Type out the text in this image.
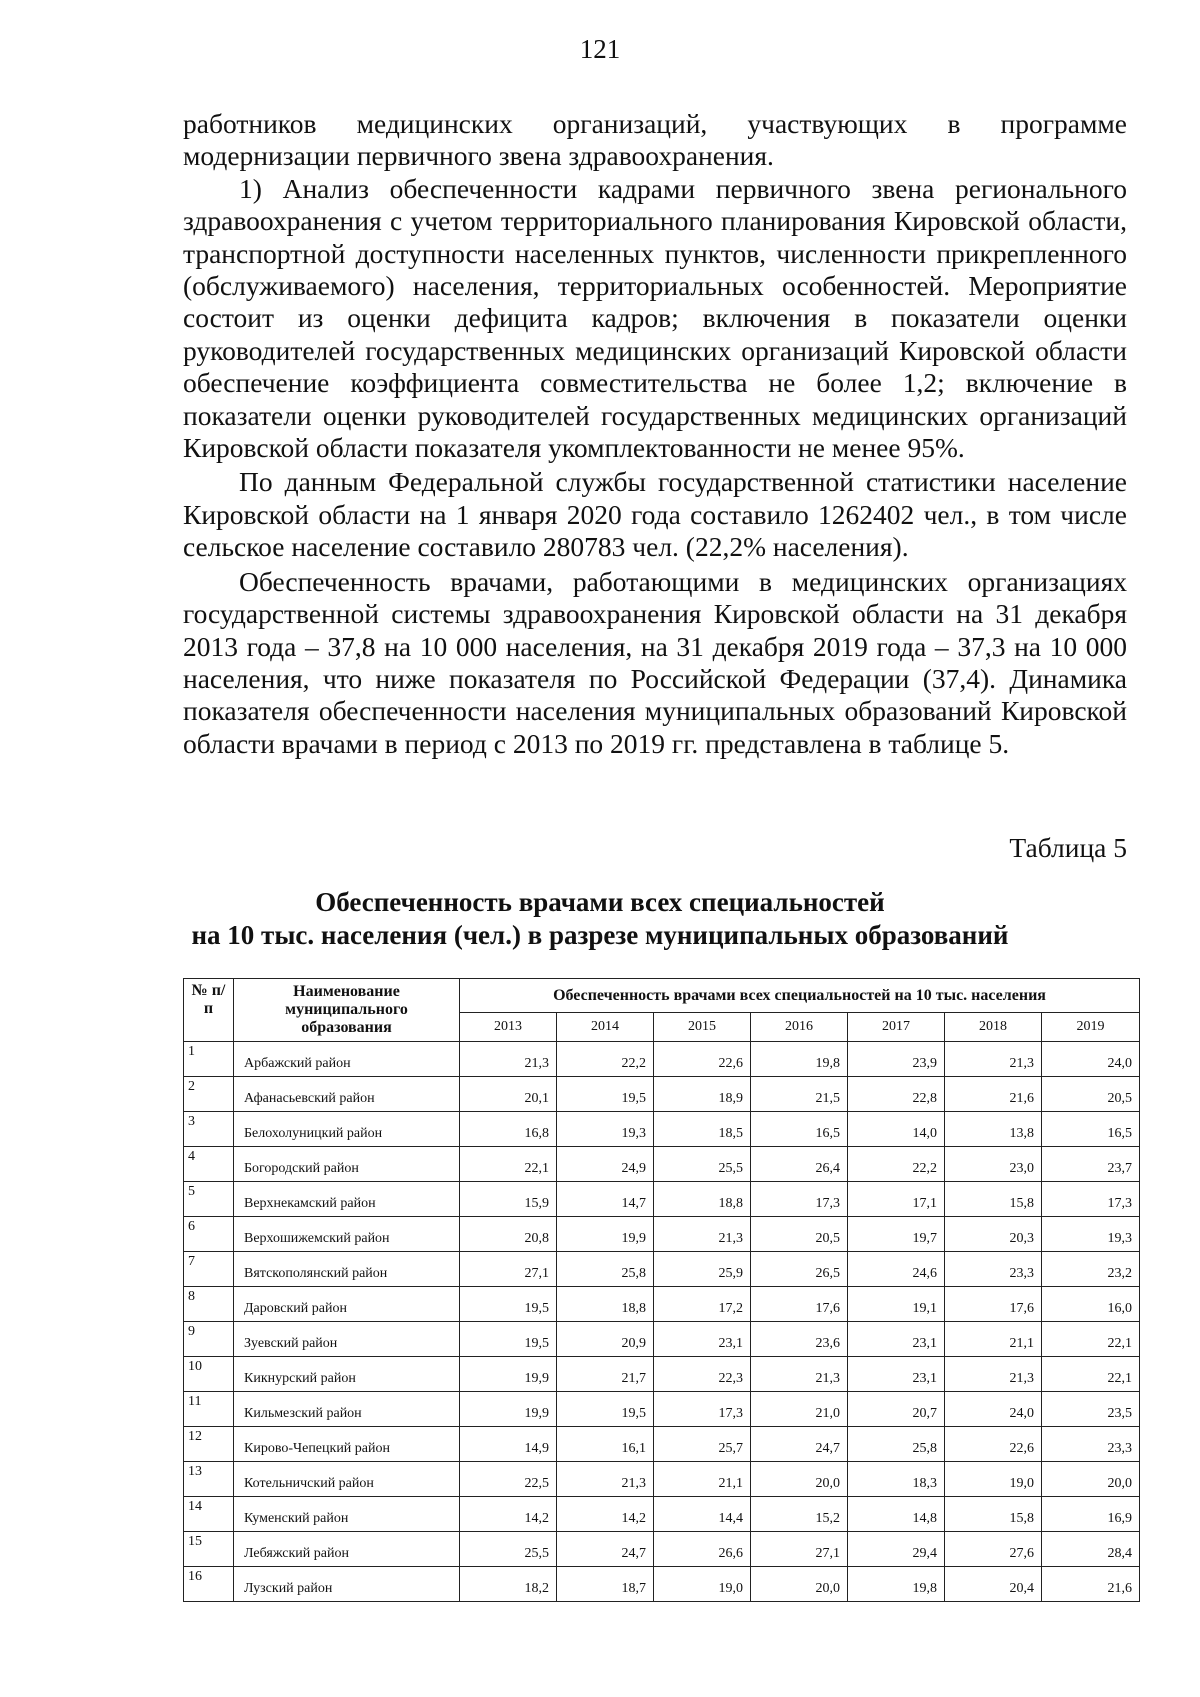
121

работников медицинских организаций, участвующих в программе модернизации первичного звена здравоохранения.

1) Анализ обеспеченности кадрами первичного звена регионального здравоохранения с учетом территориального планирования Кировской области, транспортной доступности населенных пунктов, численности прикрепленного (обслуживаемого) населения, территориальных особенностей. Мероприятие состоит из оценки дефицита кадров; включения в показатели оценки руководителей государственных медицинских организаций Кировской области обеспечение коэффициента совместительства не более 1,2; включение в показатели оценки руководителей государственных медицинских организаций Кировской области показателя укомплектованности не менее 95%.

По данным Федеральной службы государственной статистики население Кировской области на 1 января 2020 года составило 1262402 чел., в том числе сельское население составило 280783 чел. (22,2% населения).

Обеспеченность врачами, работающими в медицинских организациях государственной системы здравоохранения Кировской области на 31 декабря 2013 года – 37,8 на 10 000 населения, на 31 декабря 2019 года – 37,3 на 10 000 населения, что ниже показателя по Российской Федерации (37,4). Динамика показателя обеспеченности населения муниципальных образований Кировской области врачами в период с 2013 по 2019 гг. представлена в таблице 5.

Таблица 5
Обеспеченность врачами всех специальностей
на 10 тыс. населения (чел.) в разрезе муниципальных образований
№ п/п	Наименование муниципального образования	Обеспеченность врачами всех специальностей на 10 тыс. населения						
		2013	2014	2015	2016	2017	2018	2019
1	Арбажский район	21,3	22,2	22,6	19,8	23,9	21,3	24,0
2	Афанасьевский район	20,1	19,5	18,9	21,5	22,8	21,6	20,5
3	Белохолуницкий район	16,8	19,3	18,5	16,5	14,0	13,8	16,5
4	Богородский район	22,1	24,9	25,5	26,4	22,2	23,0	23,7
5	Верхнекамский район	15,9	14,7	18,8	17,3	17,1	15,8	17,3
6	Верхошижемский район	20,8	19,9	21,3	20,5	19,7	20,3	19,3
7	Вятскополянский район	27,1	25,8	25,9	26,5	24,6	23,3	23,2
8	Даровский район	19,5	18,8	17,2	17,6	19,1	17,6	16,0
9	Зуевский район	19,5	20,9	23,1	23,6	23,1	21,1	22,1
10	Кикнурский район	19,9	21,7	22,3	21,3	23,1	21,3	22,1
11	Кильмезский район	19,9	19,5	17,3	21,0	20,7	24,0	23,5
12	Кирово-Чепецкий район	14,9	16,1	25,7	24,7	25,8	22,6	23,3
13	Котельничский район	22,5	21,3	21,1	20,0	18,3	19,0	20,0
14	Куменский район	14,2	14,2	14,4	15,2	14,8	15,8	16,9
15	Лебяжский район	25,5	24,7	26,6	27,1	29,4	27,6	28,4
16	Лузский район	18,2	18,7	19,0	20,0	19,8	20,4	21,6
